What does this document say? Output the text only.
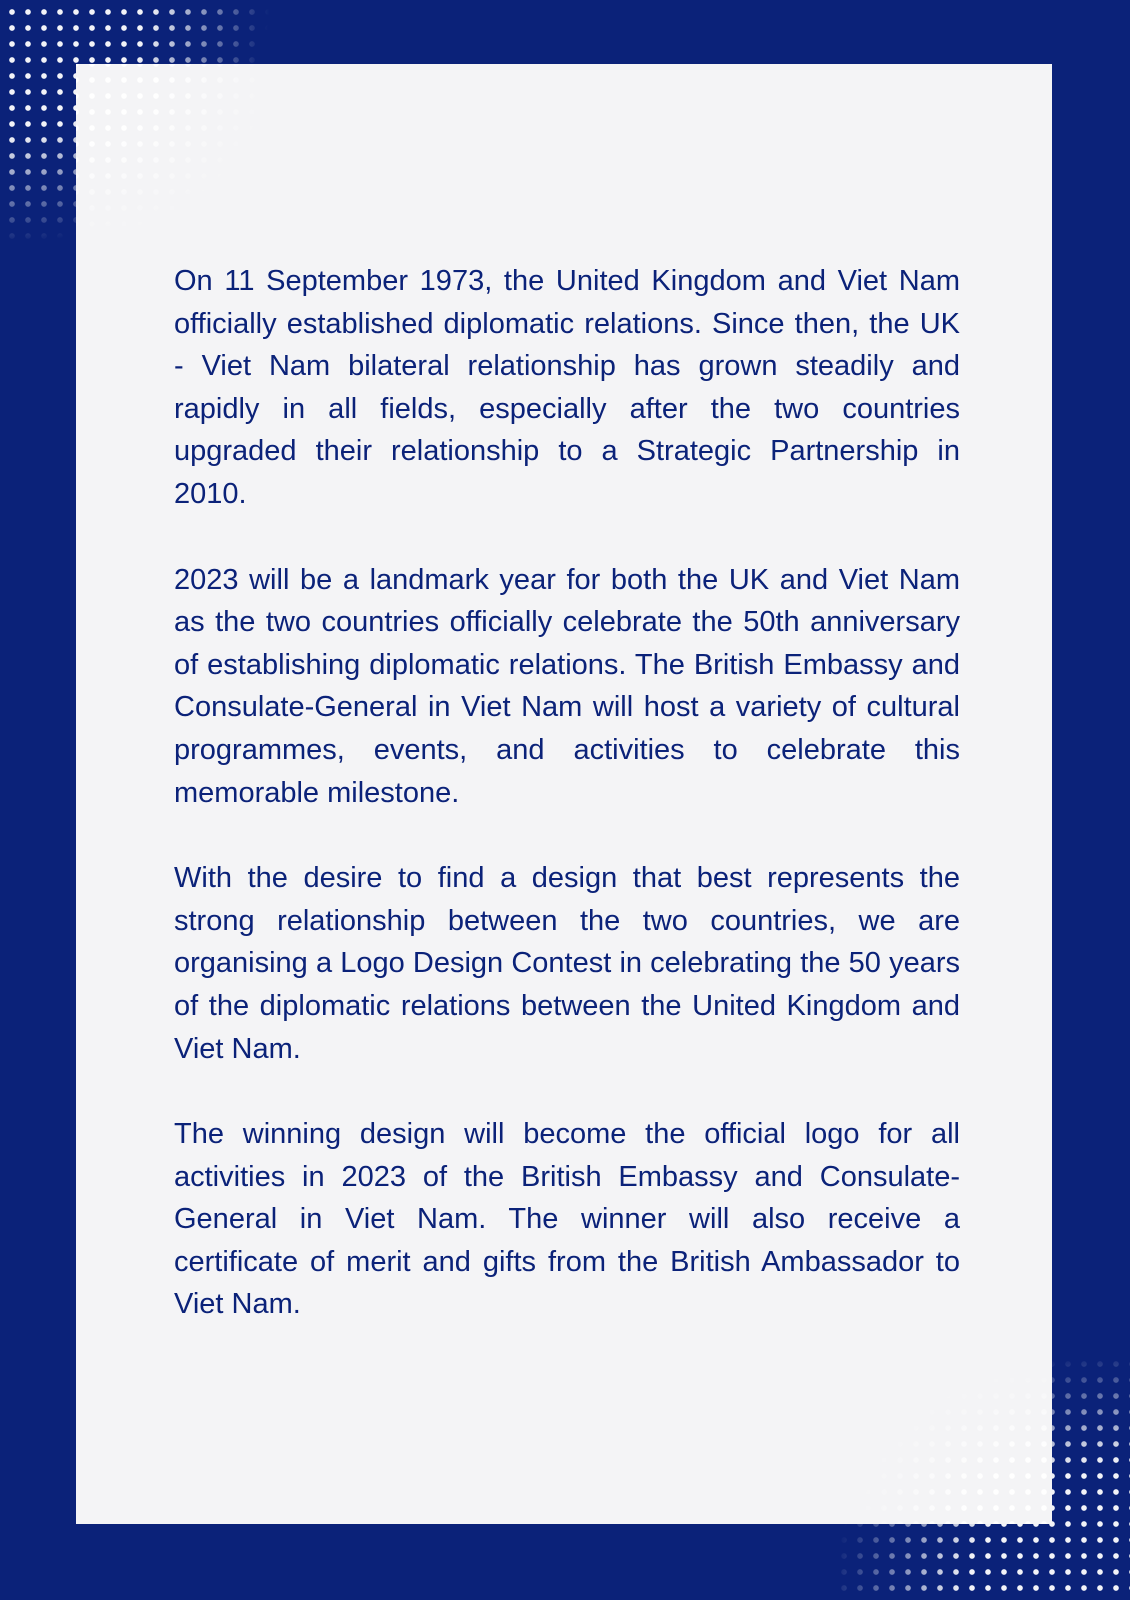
On 11 September 1973, the United Kingdom and Viet Nam officially established diplomatic relations. Since then, the UK - Viet Nam bilateral relationship has grown steadily and rapidly in all fields, especially after the two countries upgraded their relationship to a Strategic Partnership in 2010.

2023 will be a landmark year for both the UK and Viet Nam as the two countries officially celebrate the 50th anniversary of establishing diplomatic relations. The British Embassy and Consulate-General in Viet Nam will host a variety of cultural programmes, events, and activities to celebrate this memorable milestone.

With the desire to find a design that best represents the strong relationship between the two countries, we are organising a Logo Design Contest in celebrating the 50 years of the diplomatic relations between the United Kingdom and Viet Nam.

The winning design will become the official logo for all activities in 2023 of the British Embassy and Consulate-General in Viet Nam. The winner will also receive a certificate of merit and gifts from the British Ambassador to Viet Nam.
